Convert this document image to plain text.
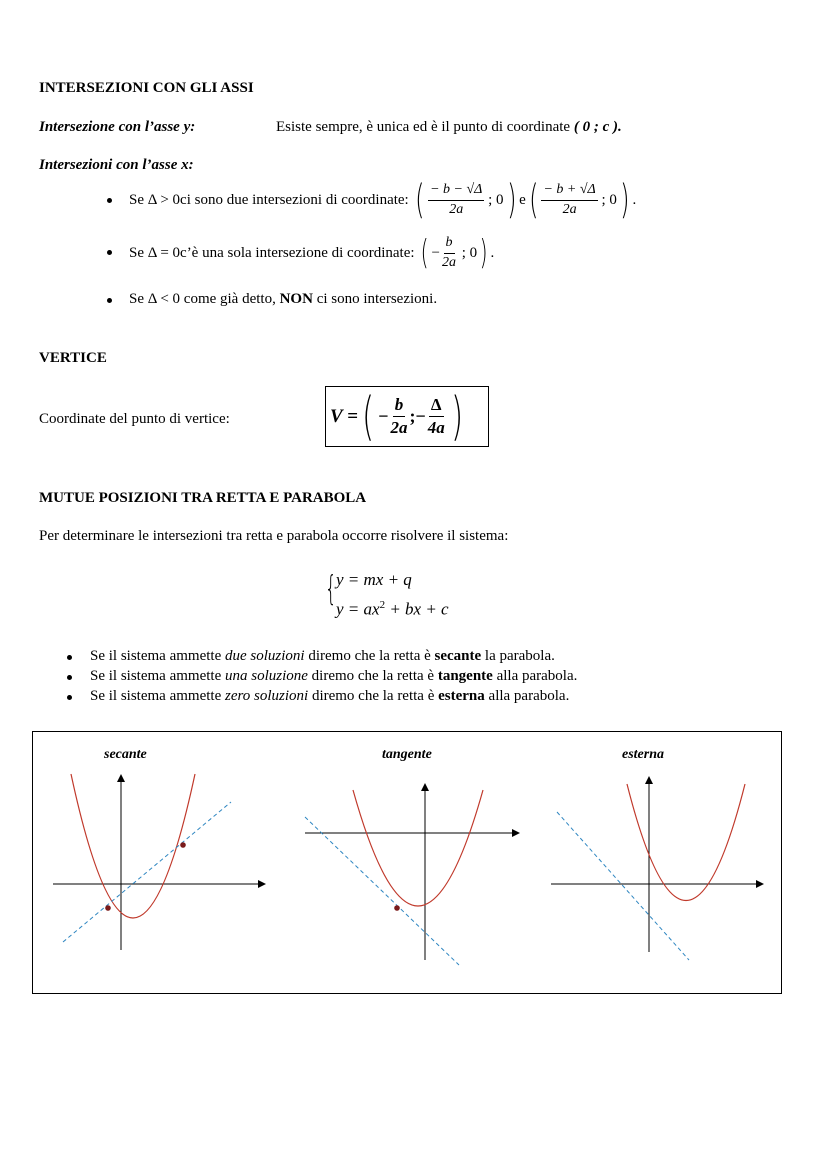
INTERSEZIONI CON GLI ASSI
Intersezione con l’asse y:	Esiste sempre, è unica ed è il punto di coordinate ( 0 ; c ).
Intersezioni con l’asse x:
Se
Δ > 0 ci sono due intersezioni di coordinate:
( $\frac{- b - √\Delta}{2a}$
; 0 ) e ( $\frac{- b + √\Delta}{2a}$
; 0 ) .
Se
Δ = 0 c’è una sola intersezione di coordinate:
( − $\frac{b}{2a}$
; 0 ) .
Se Δ < 0 come già detto, NON ci sono intersezioni.
VERTICE
Coordinate del punto di vertice:	V = ( − $\frac{b}{2a}$ ;− $\frac{\Delta}{4a}$ )
MUTUE POSIZIONI TRA RETTA E PARABOLA
Per determinare le intersezioni tra retta e parabola occorre risolvere il sistema:
{ y = mx + q
$y = ax^2$ + bx + c
Se il sistema ammette due soluzioni diremo che la retta è secante la parabola.
Se il sistema ammette una soluzione diremo che la retta è tangente alla parabola.
Se il sistema ammette zero soluzioni diremo che la retta è esterna alla parabola.
secante	tangente	esterna
